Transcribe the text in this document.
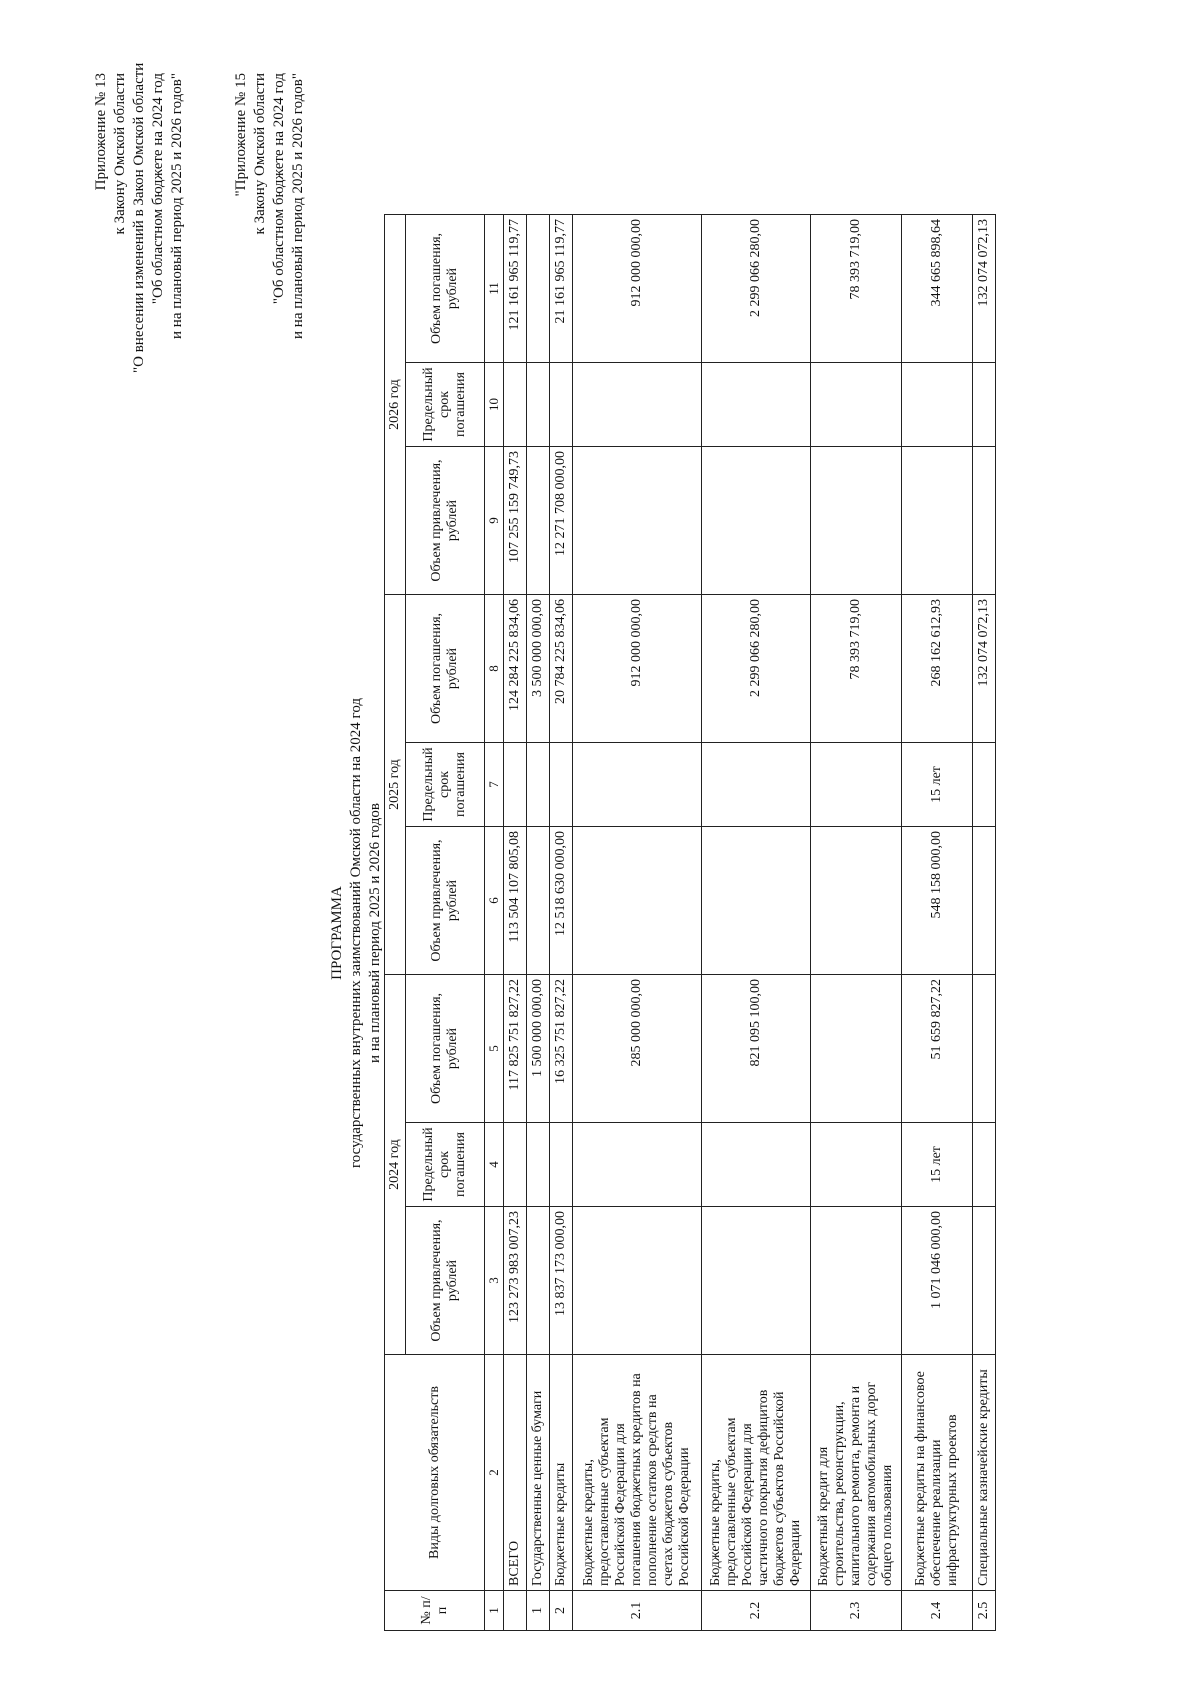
Приложение № 13 к Закону Омской области "О внесении изменений в Закон Омской области "Об областном бюджете на 2024 год и на плановый период 2025 и 2026 годов"	"Приложение № 15 к Закону Омской области "Об областном бюджете на 2024 год и на плановый период 2025 и 2026 годов"
ПРОГРАММА государственных внутренних заимствований Омской области на 2024 год и на плановый период 2025 и 2026 годов
№ п/п	Виды долговых обязательств	2024 год			2025 год			2026 год		
		Объем привлечения, рублей	Предельный срок погашения	Объем погашения, рублей	Объем привлечения, рублей	Предельный срок погашения	Объем погашения, рублей	Объем привлечения, рублей	Предельный срок погашения	Объем погашения, рублей
1	2	3	4	5	6	7	8	9	10	11
	ВСЕГО	123 273 983 007,23		117 825 751 827,22	113 504 107 805,08		124 284 225 834,06	107 255 159 749,73		121 161 965 119,77
1	Государственные ценные бумаги			1 500 000 000,00			3 500 000 000,00			
2	Бюджетные кредиты	13 837 173 000,00		16 325 751 827,22	12 518 630 000,00		20 784 225 834,06	12 271 708 000,00		21 161 965 119,77
2.1	Бюджетные кредиты, предоставленные субъектам Российской Федерации для погашения бюджетных кредитов на пополнение остатков средств на счетах бюджетов субъектов Российской Федерации			285 000 000,00			912 000 000,00			912 000 000,00
2.2	Бюджетные кредиты, предоставленные субъектам Российской Федерации для частичного покрытия дефицитов бюджетов субъектов Российской Федерации			821 095 100,00			2 299 066 280,00			2 299 066 280,00
2.3	Бюджетный кредит для строительства, реконструкции, капитального ремонта, ремонта и содержания автомобильных дорог общего пользования						78 393 719,00			78 393 719,00
2.4	Бюджетные кредиты на финансовое обеспечение реализации инфраструктурных проектов	1 071 046 000,00	15 лет	51 659 827,22	548 158 000,00	15 лет	268 162 612,93			344 665 898,64
2.5	Специальные казначейские кредиты						132 074 072,13			132 074 072,13
